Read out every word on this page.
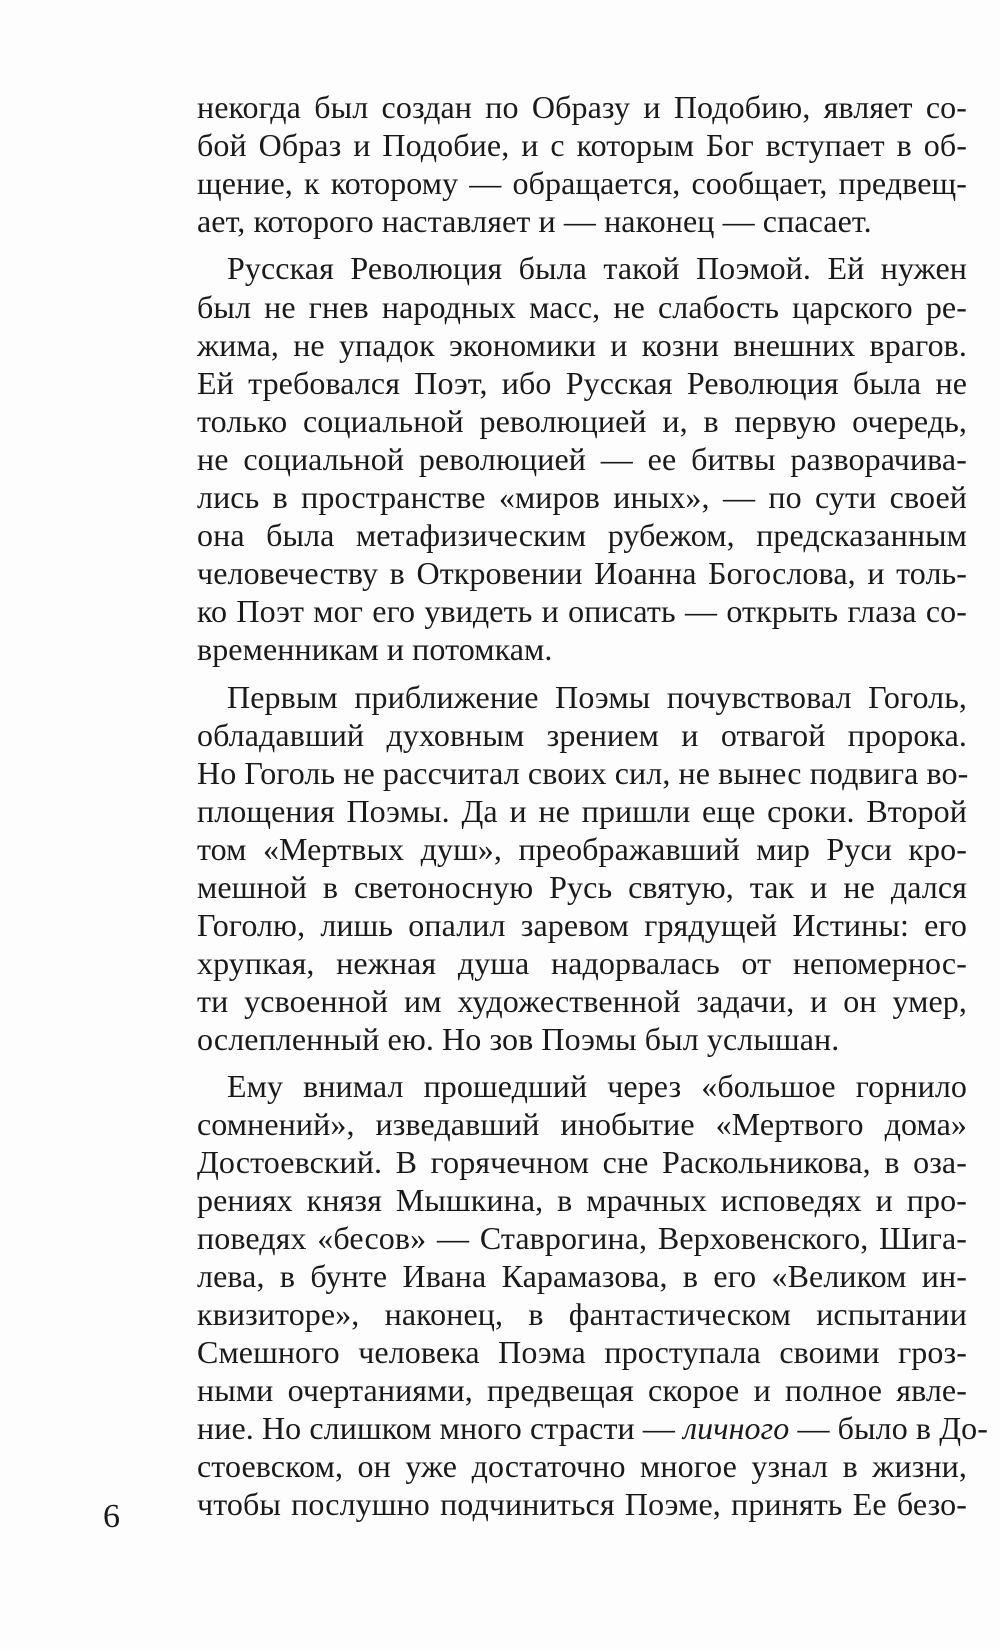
некогда был создан по Образу и Подобию, являет со-
бой Образ и Подобие, и с которым Бог вступает в об-
щение, к которому — обращается, сообщает, предвещ-
ает, которого наставляет и — наконец — спасает.
Русская Революция была такой Поэмой. Ей нужен
был не гнев народных масс, не слабость царского ре-
жима, не упадок экономики и козни внешних врагов.
Ей требовался Поэт, ибо Русская Революция была не
только социальной революцией и, в первую очередь,
не социальной революцией — ее битвы разворачива-
лись в пространстве «миров иных», — по сути своей
она была метафизическим рубежом, предсказанным
человечеству в Откровении Иоанна Богослова, и толь-
ко Поэт мог его увидеть и описать — открыть глаза со-
временникам и потомкам.
Первым приближение Поэмы почувствовал Гоголь,
обладавший духовным зрением и отвагой пророка.
Но Гоголь не рассчитал своих сил, не вынес подвига во-
площения Поэмы. Да и не пришли еще сроки. Второй
том «Мертвых душ», преображавший мир Руси кро-
мешной в светоносную Русь святую, так и не дался
Гоголю, лишь опалил заревом грядущей Истины: его
хрупкая, нежная душа надорвалась от непомернос-
ти усвоенной им художественной задачи, и он умер,
ослепленный ею. Но зов Поэмы был услышан.
Ему внимал прошедший через «большое горнило
сомнений», изведавший инобытие «Мертвого дома»
Достоевский. В горячечном сне Раскольникова, в оза-
рениях князя Мышкина, в мрачных исповедях и про-
поведях «бесов» — Ставрогина, Верховенского, Шига-
лева, в бунте Ивана Карамазова, в его «Великом ин-
квизиторе», наконец, в фантастическом испытании
Смешного человека Поэма проступала своими гроз-
ными очертаниями, предвещая скорое и полное явле-
ние. Но слишком много страсти — личного — было в До-
стоевском, он уже достаточно многое узнал в жизни,
чтобы послушно подчиниться Поэме, принять Ее безо-
6
